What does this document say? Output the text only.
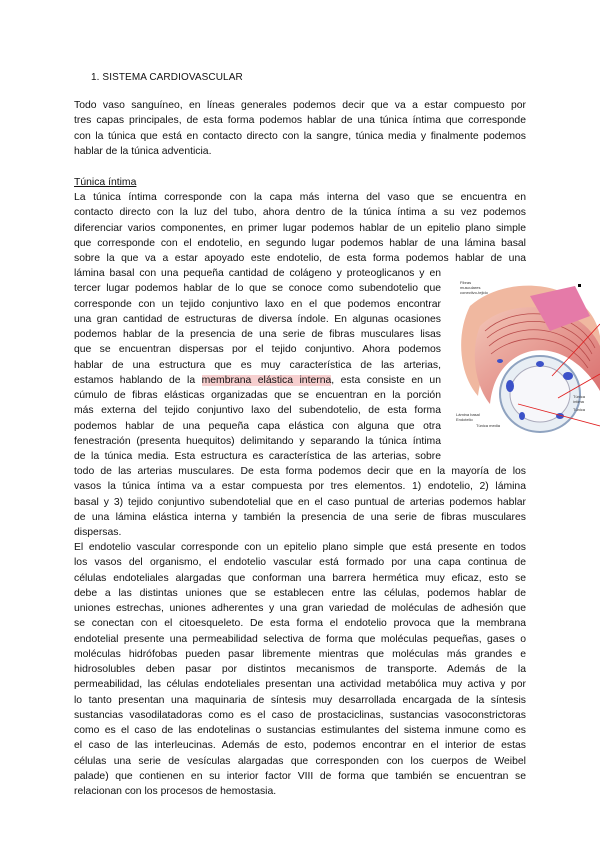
1. SISTEMA CARDIOVASCULAR
Todo vaso sanguíneo, en líneas generales podemos decir que va a estar compuesto por
tres capas principales, de esta forma podemos hablar de una túnica íntima que corresponde
con la túnica que está en contacto directo con la sangre, túnica media y finalmente podemos
hablar de la túnica adventicia.
Túnica íntima
La túnica íntima corresponde con la capa más interna del vaso que se encuentra en
contacto directo con la luz del tubo, ahora dentro de la túnica íntima a su vez podemos
diferenciar varios componentes, en primer lugar podemos hablar de un epitelio plano simple
que corresponde con el endotelio, en segundo lugar podemos hablar de una lámina basal
sobre la que va a estar apoyado este endotelio, de esta forma podemos hablar de una
lámina basal con una pequeña cantidad de colágeno y proteoglicanos y en
tercer lugar podemos hablar de lo que se conoce como subendotelio que
corresponde con un tejido conjuntivo laxo en el que podemos encontrar
una gran cantidad de estructuras de diversa índole. En algunas ocasiones
podemos hablar de la presencia de una serie de fibras musculares lisas
que se encuentran dispersas por el tejido conjuntivo. Ahora podemos
hablar de una estructura que es muy característica de las arterias,
estamos hablando de la membrana elástica interna, esta consiste en un
cúmulo de fibras elásticas organizadas que se encuentran en la porción
más externa del tejido conjuntivo laxo del subendotelio, de esta forma
podemos hablar de una pequeña capa elástica con alguna que otra
fenestración (presenta huequitos) delimitando y separando la túnica íntima
de la túnica media. Esta estructura es característica de las arterias, sobre
todo de las arterias musculares. De esta forma podemos decir que en la mayoría de los
vasos la túnica íntima va a estar compuesta por tres elementos. 1) endotelio, 2) lámina
basal y 3) tejido conjuntivo subendotelial que en el caso puntual de arterias podemos hablar
de una lámina elástica interna y también la presencia de una serie de fibras musculares
dispersas.
El endotelio vascular corresponde con un epitelio plano simple que está presente en todos
los vasos del organismo, el endotelio vascular está formado por una capa continua de
células endoteliales alargadas que conforman una barrera hermética muy eficaz, esto se
debe a las distintas uniones que se establecen entre las células, podemos hablar de
uniones estrechas, uniones adherentes y una gran variedad de moléculas de adhesión que
se conectan con el citoesqueleto. De esta forma el endotelio provoca que la membrana
endotelial presente una permeabilidad selectiva de forma que moléculas pequeñas, gases o
moléculas hidrófobas pueden pasar libremente mientras que moléculas más grandes e
hidrosolubles deben pasar por distintos mecanismos de transporte. Además de la
permeabilidad, las células endoteliales presentan una actividad metabólica muy activa y por
lo tanto presentan una maquinaria de síntesis muy desarrollada encargada de la síntesis
sustancias vasodilatadoras como es el caso de prostaciclinas, sustancias vasoconstrictoras
como es el caso de las endotelinas o sustancias estimulantes del sistema inmune como es
el caso de las interleucinas. Además de esto, podemos encontrar en el interior de estas
células una serie de vesículas alargadas que corresponden con los cuerpos de Weibel
palade) que contienen en su interior factor VIII de forma que también se encuentran se
relacionan con los procesos de hemostasia.
Fibras
musculares
conectivo-tejido
Túnica
íntima
Túnica
Lámina basal
Endotelio
Túnica media
